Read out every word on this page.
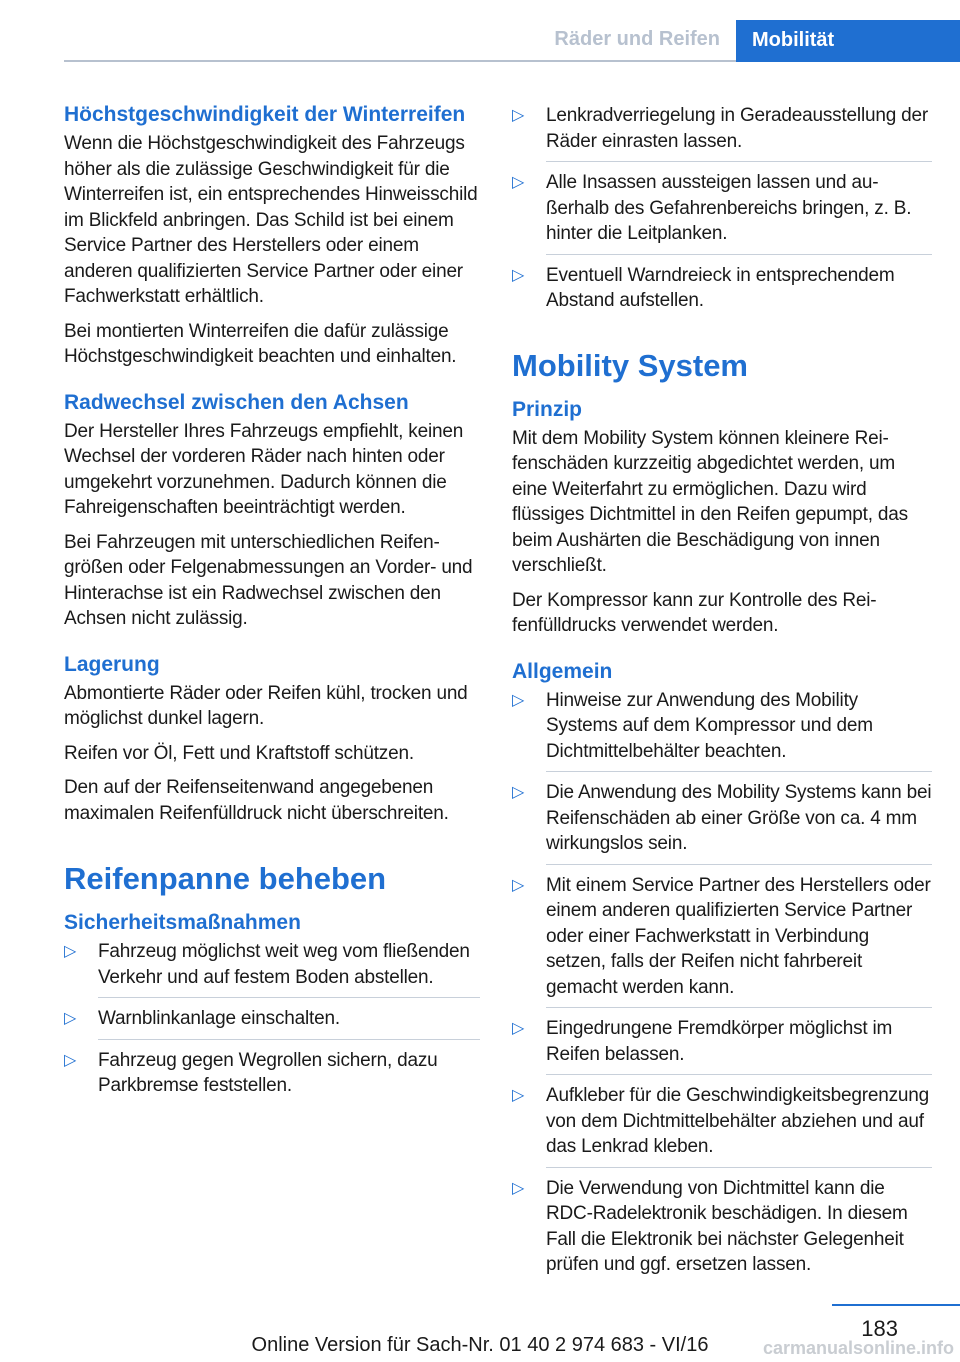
Räder und Reifen	Mobilität
Höchstgeschwindigkeit der Winterreifen

Wenn die Höchstgeschwindigkeit des Fahrzeugs höher als die zulässige Geschwindigkeit für die Winterreifen ist, ein entsprechendes Hinweisschild im Blickfeld anbringen. Das Schild ist bei einem Service Partner des Herstellers oder einem anderen qualifizierten Service Partner oder einer Fachwerkstatt erhältlich.

Bei montierten Winterreifen die dafür zulässige Höchstgeschwindigkeit beachten und einhalten.

Radwechsel zwischen den Achsen

Der Hersteller Ihres Fahrzeugs empfiehlt, keinen Wechsel der vorderen Räder nach hinten oder umgekehrt vorzunehmen. Dadurch können die Fahreigenschaften beeinträchtigt werden.

Bei Fahrzeugen mit unterschiedlichen Reifengrößen oder Felgenabmessungen an Vorder- und Hinterachse ist ein Radwechsel zwischen den Achsen nicht zulässig.

Lagerung

Abmontierte Räder oder Reifen kühl, trocken und möglichst dunkel lagern.

Reifen vor Öl, Fett und Kraftstoff schützen.

Den auf der Reifenseitenwand angegebenen maximalen Reifenfülldruck nicht überschreiten.

Reifenpanne beheben
Sicherheitsmaßnahmen
▷	Fahrzeug möglichst weit weg vom fließenden Verkehr und auf festem Boden abstellen.
▷	Warnblinkanlage einschalten.
▷	Fahrzeug gegen Wegrollen sichern, dazu Parkbremse feststellen.
▷	Lenkradverriegelung in Geradeausstellung der Räder einrasten lassen.
▷	Alle Insassen aussteigen lassen und außerhalb des Gefahrenbereichs bringen, z. B. hinter die Leitplanken.
▷	Eventuell Warndreieck in entsprechendem Abstand aufstellen.
Mobility System
Prinzip

Mit dem Mobility System können kleinere Reifenschäden kurzzeitig abgedichtet werden, um eine Weiterfahrt zu ermöglichen. Dazu wird flüssiges Dichtmittel in den Reifen gepumpt, das beim Aushärten die Beschädigung von innen verschließt.

Der Kompressor kann zur Kontrolle des Reifenfülldrucks verwendet werden.

Allgemein
▷	Hinweise zur Anwendung des Mobility Systems auf dem Kompressor und dem Dichtmittelbehälter beachten.
▷	Die Anwendung des Mobility Systems kann bei Reifenschäden ab einer Größe von ca. 4 mm wirkungslos sein.
▷	Mit einem Service Partner des Herstellers oder einem anderen qualifizierten Service Partner oder einer Fachwerkstatt in Verbindung setzen, falls der Reifen nicht fahrbereit gemacht werden kann.
▷	Eingedrungene Fremdkörper möglichst im Reifen belassen.
▷	Aufkleber für die Geschwindigkeitsbegrenzung von dem Dichtmittelbehälter abziehen und auf das Lenkrad kleben.
▷	Die Verwendung von Dichtmittel kann die RDC-Radelektronik beschädigen. In diesem Fall die Elektronik bei nächster Gelegenheit prüfen und ggf. ersetzen lassen.
183
Online Version für Sach-Nr. 01 40 2 974 683 - VI/16	carmanualsonline.info
